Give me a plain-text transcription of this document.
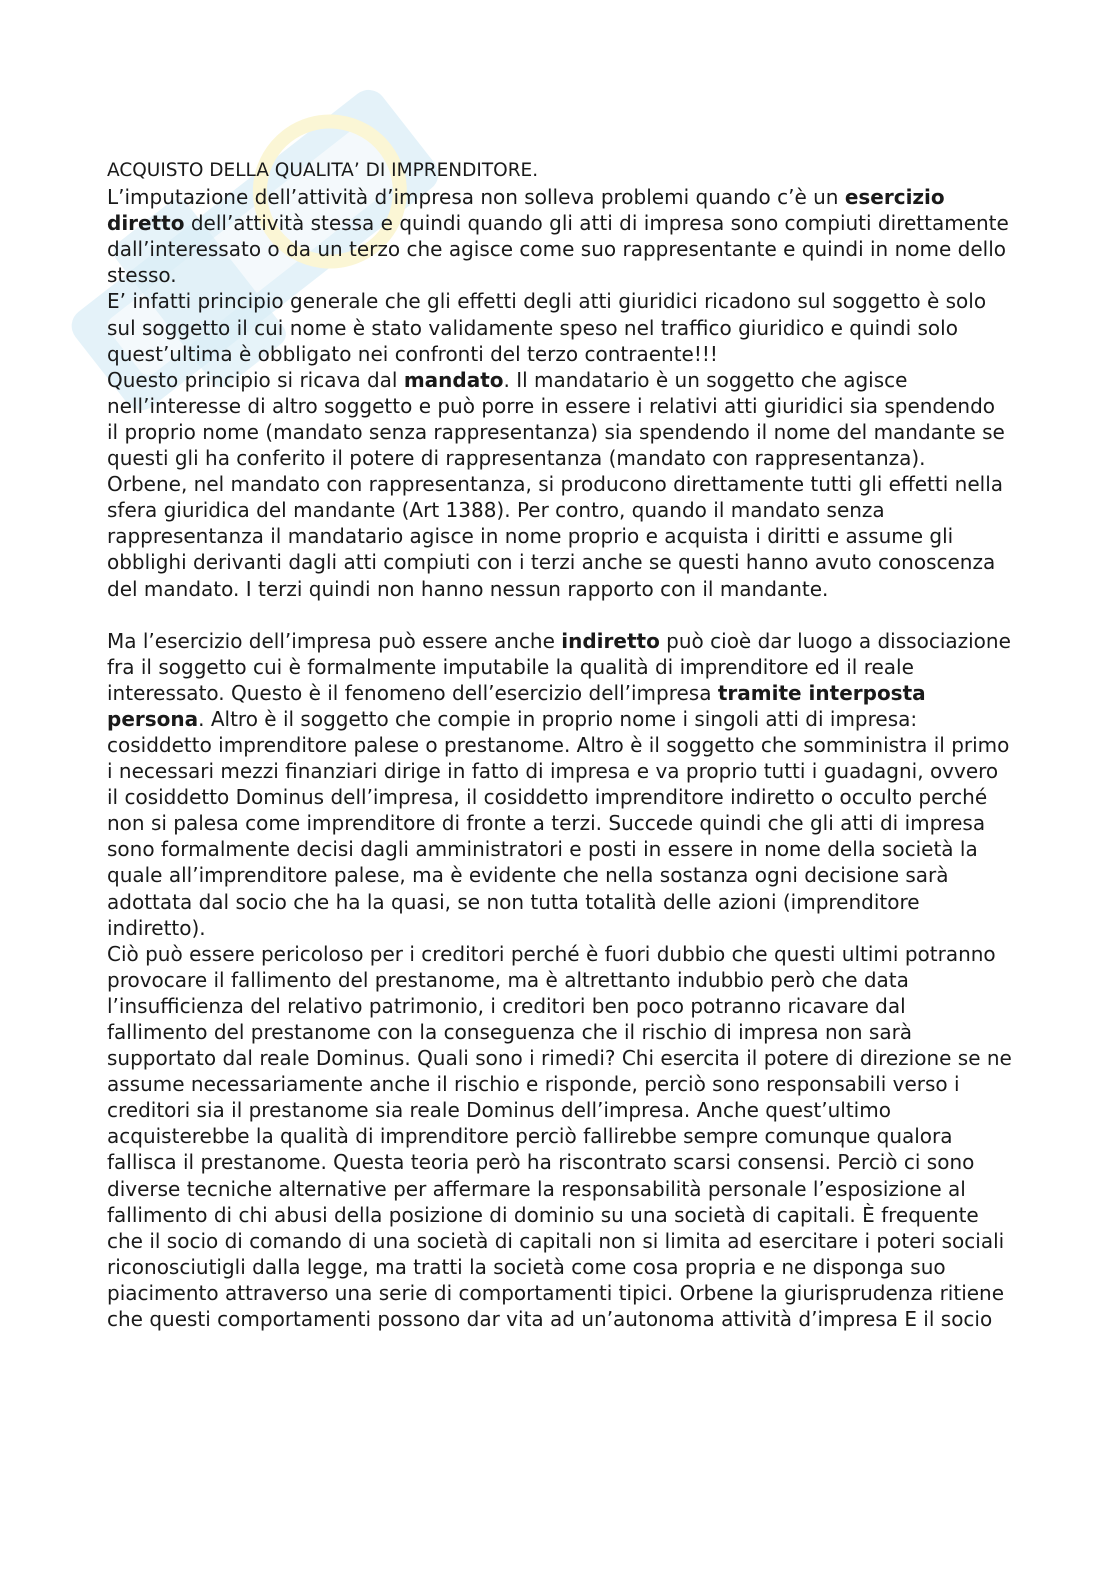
ACQUISTO DELLA QUALITA’ DI IMPRENDITORE.

L’imputazione dell’attività d’impresa non solleva problemi quando c’è un esercizio diretto dell’attività stessa e quindi quando gli atti di impresa sono compiuti direttamente dall’interessato o da un terzo che agisce come suo rappresentante e quindi in nome dello stesso.

E’ infatti principio generale che gli effetti degli atti giuridici ricadono sul soggetto è solo sul soggetto il cui nome è stato validamente speso nel traffico giuridico e quindi solo quest’ultima è obbligato nei confronti del terzo contraente!!!

Questo principio si ricava dal mandato. Il mandatario è un soggetto che agisce nell’interesse di altro soggetto e può porre in essere i relativi atti giuridici sia spendendo il proprio nome (mandato senza rappresentanza) sia spendendo il nome del mandante se questi gli ha conferito il potere di rappresentanza (mandato con rappresentanza). Orbene, nel mandato con rappresentanza, si producono direttamente tutti gli effetti nella sfera giuridica del mandante (Art 1388). Per contro, quando il mandato senza rappresentanza il mandatario agisce in nome proprio e acquista i diritti e assume gli obblighi derivanti dagli atti compiuti con i terzi anche se questi hanno avuto conoscenza del mandato. I terzi quindi non hanno nessun rapporto con il mandante.

Ma l’esercizio dell’impresa può essere anche indiretto può cioè dar luogo a dissociazione fra il soggetto cui è formalmente imputabile la qualità di imprenditore ed il reale interessato. Questo è il fenomeno dell’esercizio dell’impresa tramite interposta persona. Altro è il soggetto che compie in proprio nome i singoli atti di impresa: cosiddetto imprenditore palese o prestanome. Altro è il soggetto che somministra il primo i necessari mezzi finanziari dirige in fatto di impresa e va proprio tutti i guadagni, ovvero il cosiddetto Dominus dell’impresa, il cosiddetto imprenditore indiretto o occulto perché non si palesa come imprenditore di fronte a terzi. Succede quindi che gli atti di impresa sono formalmente decisi dagli amministratori e posti in essere in nome della società la quale all’imprenditore palese, ma è evidente che nella sostanza ogni decisione sarà adottata dal socio che ha la quasi, se non tutta totalità delle azioni (imprenditore indiretto).

Ciò può essere pericoloso per i creditori perché è fuori dubbio che questi ultimi potranno provocare il fallimento del prestanome, ma è altrettanto indubbio però che data l’insufficienza del relativo patrimonio, i creditori ben poco potranno ricavare dal fallimento del prestanome con la conseguenza che il rischio di impresa non sarà supportato dal reale Dominus. Quali sono i rimedi? Chi esercita il potere di direzione se ne assume necessariamente anche il rischio e risponde, perciò sono responsabili verso i creditori sia il prestanome sia reale Dominus dell’impresa. Anche quest’ultimo acquisterebbe la qualità di imprenditore perciò fallirebbe sempre comunque qualora fallisca il prestanome. Questa teoria però ha riscontrato scarsi consensi. Perciò ci sono diverse tecniche alternative per affermare la responsabilità personale l’esposizione al fallimento di chi abusi della posizione di dominio su una società di capitali. È frequente che il socio di comando di una società di capitali non si limita ad esercitare i poteri sociali riconosciutigli dalla legge, ma tratti la società come cosa propria e ne disponga suo piacimento attraverso una serie di comportamenti tipici. Orbene la giurisprudenza ritiene che questi comportamenti possono dar vita ad un’autonoma attività d’impresa E il socio
